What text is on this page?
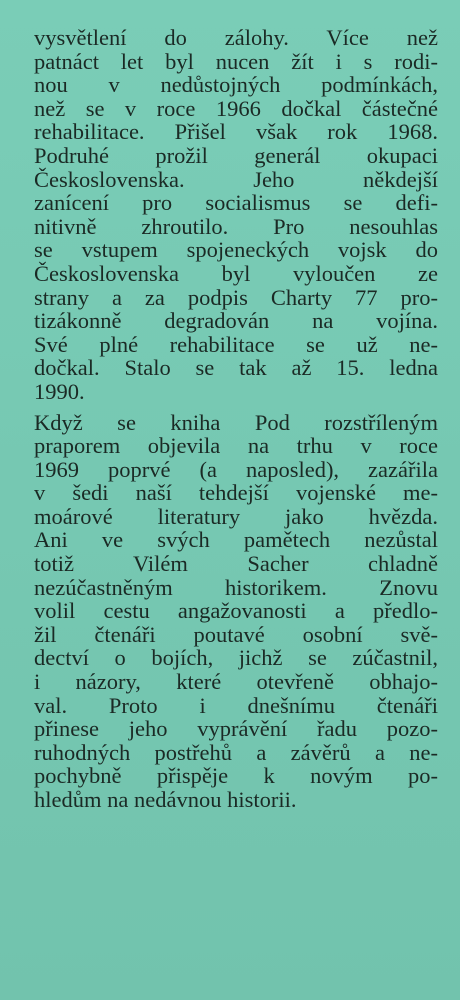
vysvětlení do zálohy. Více než
patnáct let byl nucen žít i s rodi-
nou v nedůstojných podmínkách,
než se v roce 1966 dočkal částečné
rehabilitace. Přišel však rok 1968.
Podruhé prožil generál okupaci
Československa. Jeho někdejší
zanícení pro socialismus se defi-
nitivně zhroutilo. Pro nesouhlas
se vstupem spojeneckých vojsk do
Československa byl vyloučen ze
strany a za podpis Charty 77 pro-
tizákonně degradován na vojína.
Své plné rehabilitace se už ne-
dočkal. Stalo se tak až 15. ledna
1990.
Když se kniha Pod rozstříleným
praporem objevila na trhu v roce
1969 poprvé (a naposled), zazářila
v šedi naší tehdejší vojenské me-
moárové literatury jako hvězda.
Ani ve svých pamětech nezůstal
totiž Vilém Sacher chladně
nezúčastněným historikem. Znovu
volil cestu angažovanosti a předlo-
žil čtenáři poutavé osobní svě-
dectví o bojích, jichž se zúčastnil,
i názory, které otevřeně obhajo-
val. Proto i dnešnímu čtenáři
přinese jeho vyprávění řadu pozo-
ruhodných postřehů a závěrů a ne-
pochybně přispěje k novým po-
hledům na nedávnou historii.
